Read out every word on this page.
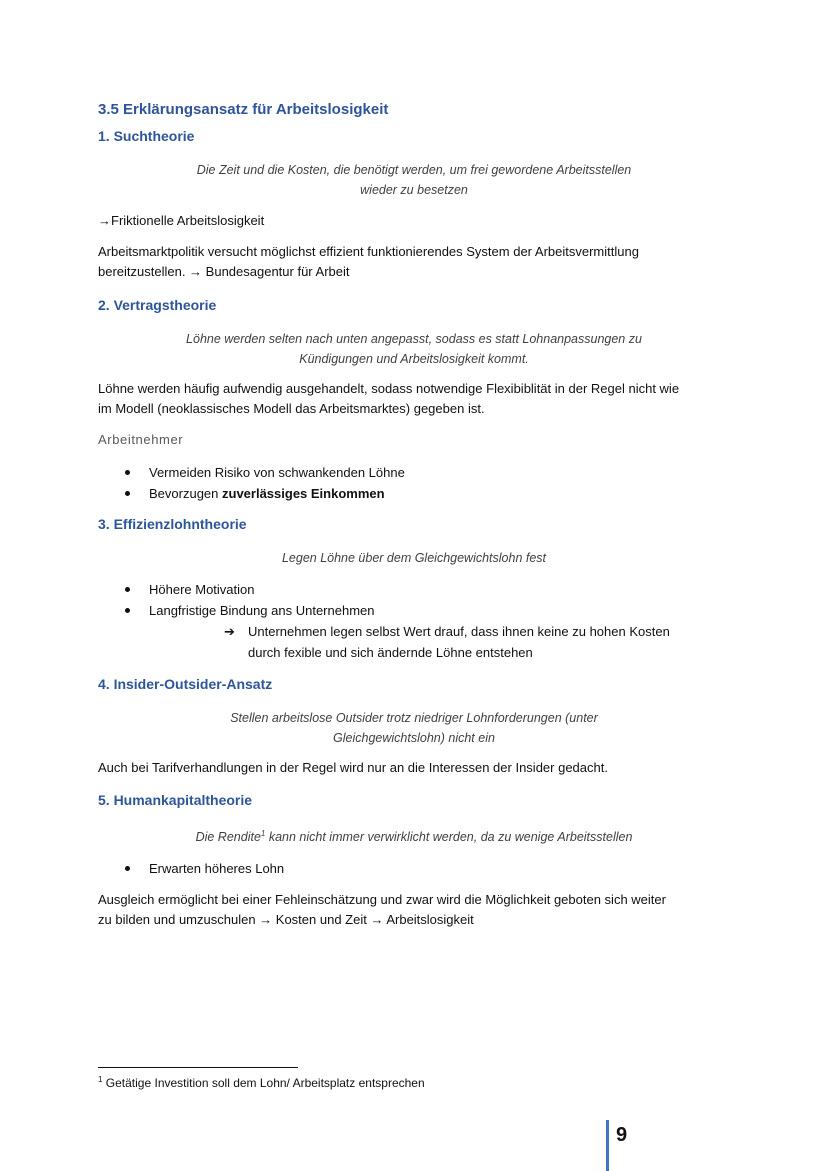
3.5 Erklärungsansatz für Arbeitslosigkeit
1. Suchtheorie
Die Zeit und die Kosten, die benötigt werden, um frei gewordene Arbeitsstellen
wieder zu besetzen

→Friktionelle Arbeitslosigkeit

Arbeitsmarktpolitik versucht möglichst effizient funktionierendes System der Arbeitsvermittlung
bereitzustellen. → Bundesagentur für Arbeit

2. Vertragstheorie
Löhne werden selten nach unten angepasst, sodass es statt Lohnanpassungen zu
Kündigungen und Arbeitslosigkeit kommt.

Löhne werden häufig aufwendig ausgehandelt, sodass notwendige Flexibiblität in der Regel nicht wie
im Modell (neoklassisches Modell das Arbeitsmarktes) gegeben ist.

Arbeitnehmer

Vermeiden Risiko von schwankenden Löhne
Bevorzugen zuverlässiges Einkommen
3. Effizienzlohntheorie
Legen Löhne über dem Gleichgewichtslohn fest
Höhere Motivation
Langfristige Bindung ans Unternehmen
➔	Unternehmen legen selbst Wert drauf, dass ihnen keine zu hohen Kosten
durch fexible und sich ändernde Löhne entstehen
4. Insider-Outsider-Ansatz
Stellen arbeitslose Outsider trotz niedriger Lohnforderungen (unter
Gleichgewichtslohn) nicht ein

Auch bei Tarifverhandlungen in der Regel wird nur an die Interessen der Insider gedacht.

5. Humankapitaltheorie
Die Rendite$^1$ kann nicht immer verwirklicht werden, da zu wenige Arbeitsstellen
Erwarten höheres Lohn

Ausgleich ermöglicht bei einer Fehleinschätzung und zwar wird die Möglichkeit geboten sich weiter
zu bilden und umzuschulen → Kosten und Zeit → Arbeitslosigkeit

$^1$ Getätige Investition soll dem Lohn/ Arbeitsplatz entsprechen
9
